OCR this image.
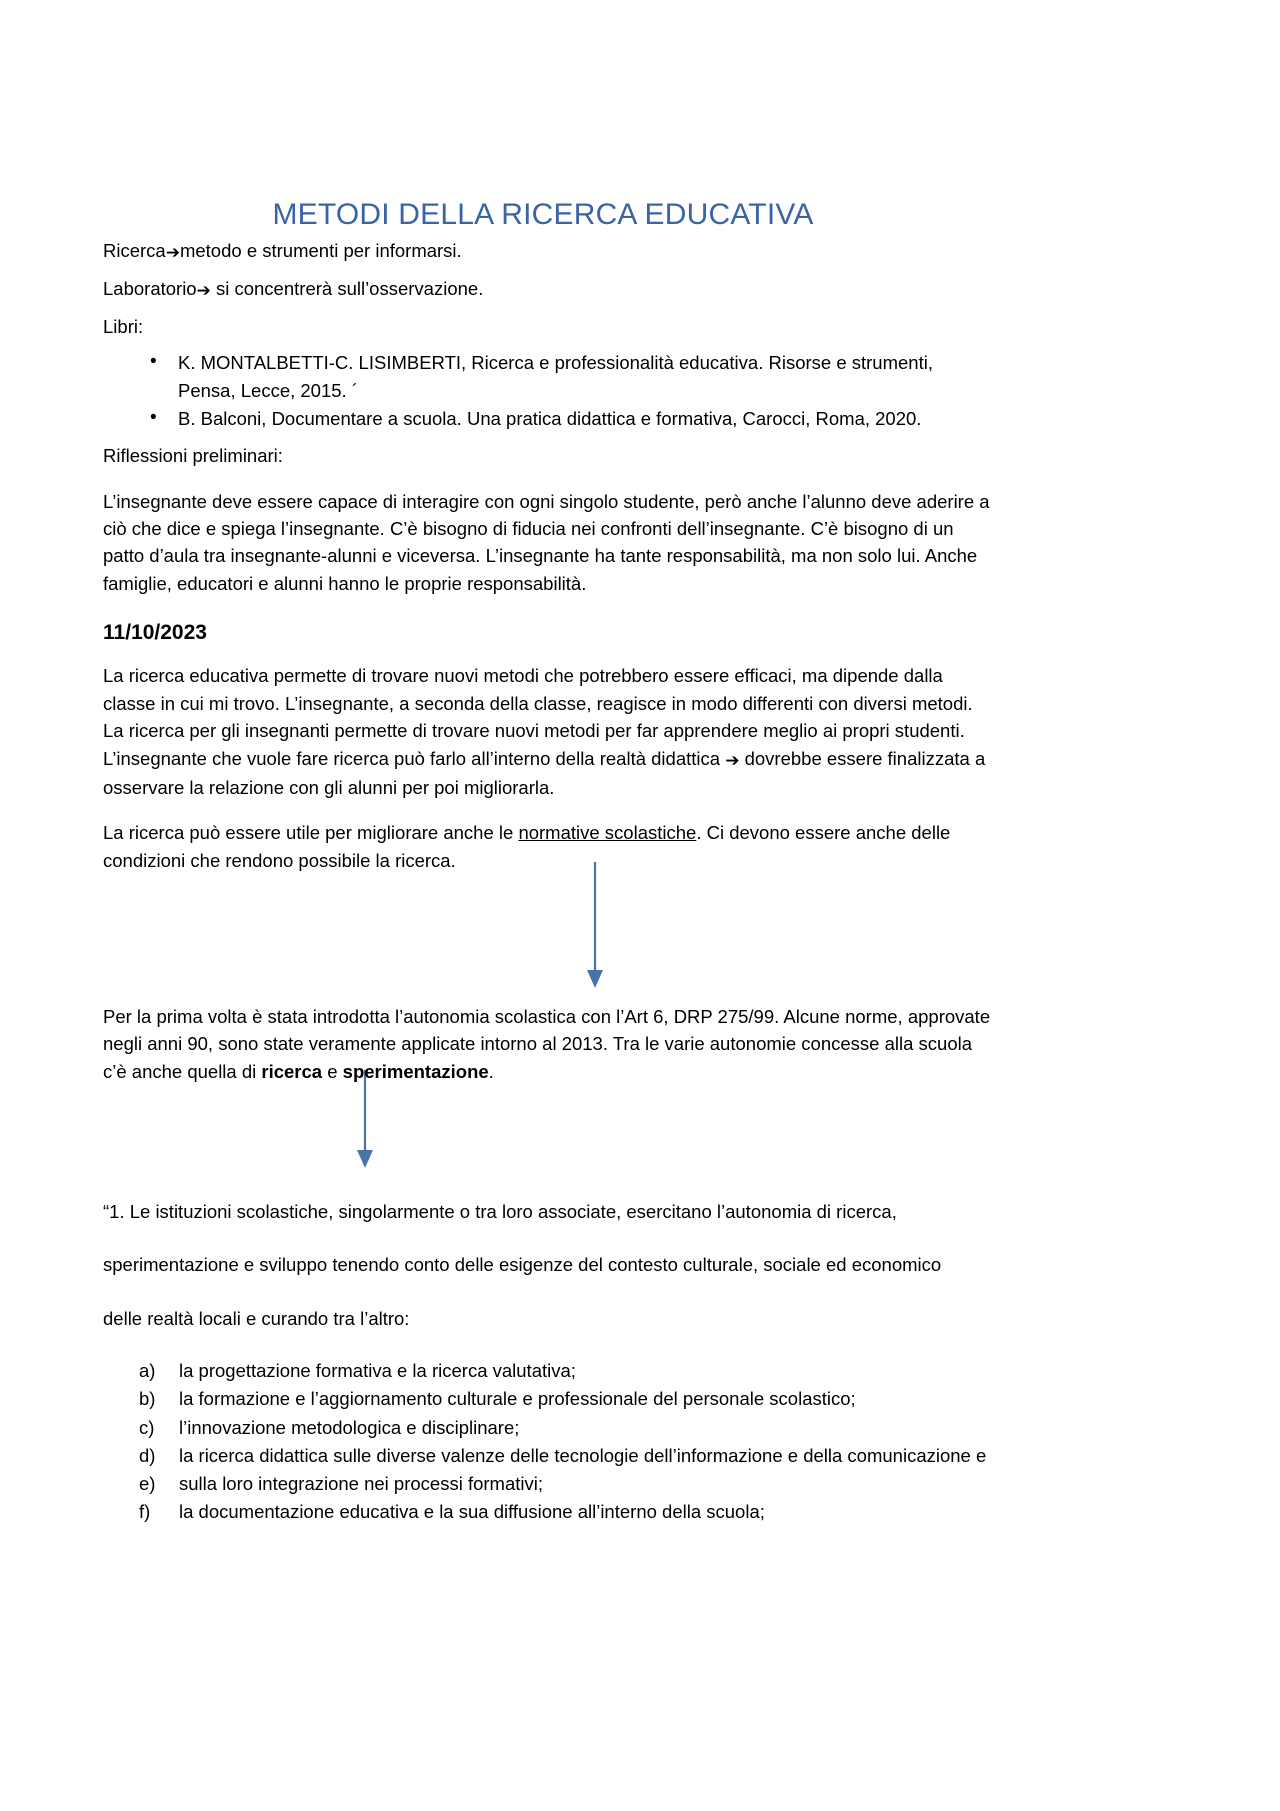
METODI DELLA RICERCA EDUCATIVA

Ricerca➔metodo e strumenti per informarsi.

Laboratorio➔ si concentrerà sull’osservazione.

Libri:

• K. MONTALBETTI-C. LISIMBERTI, Ricerca e professionalità educativa. Risorse e strumenti, Pensa, Lecce, 2015. ´
• B. Balconi, Documentare a scuola. Una pratica didattica e formativa, Carocci, Roma, 2020.

Riflessioni preliminari:

L’insegnante deve essere capace di interagire con ogni singolo studente, però anche l’alunno deve aderire a ciò che dice e spiega l’insegnante. C’è bisogno di fiducia nei confronti dell’insegnante. C’è bisogno di un patto d’aula tra insegnante-alunni e viceversa. L’insegnante ha tante responsabilità, ma non solo lui. Anche famiglie, educatori e alunni hanno le proprie responsabilità.

11/10/2023

La ricerca educativa permette di trovare nuovi metodi che potrebbero essere efficaci, ma dipende dalla classe in cui mi trovo. L’insegnante, a seconda della classe, reagisce in modo differenti con diversi metodi. La ricerca per gli insegnanti permette di trovare nuovi metodi per far apprendere meglio ai propri studenti. L’insegnante che vuole fare ricerca può farlo all’interno della realtà didattica ➔ dovrebbe essere finalizzata a osservare la relazione con gli alunni per poi migliorarla.

La ricerca può essere utile per migliorare anche le normative scolastiche. Ci devono essere anche delle condizioni che rendono possibile la ricerca.

Per la prima volta è stata introdotta l’autonomia scolastica con l’Art 6, DRP 275/99. Alcune norme, approvate negli anni 90, sono state veramente applicate intorno al 2013. Tra le varie autonomie concesse alla scuola c’è anche quella di ricerca e sperimentazione.

“1. Le istituzioni scolastiche, singolarmente o tra loro associate, esercitano l’autonomia di ricerca,

sperimentazione e sviluppo tenendo conto delle esigenze del contesto culturale, sociale ed economico

delle realtà locali e curando tra l’altro:

la progettazione formativa e la ricerca valutativa;
la formazione e l’aggiornamento culturale e professionale del personale scolastico;
l’innovazione metodologica e disciplinare;
la ricerca didattica sulle diverse valenze delle tecnologie dell’informazione e della comunicazione e
sulla loro integrazione nei processi formativi;
la documentazione educativa e la sua diffusione all’interno della scuola;
